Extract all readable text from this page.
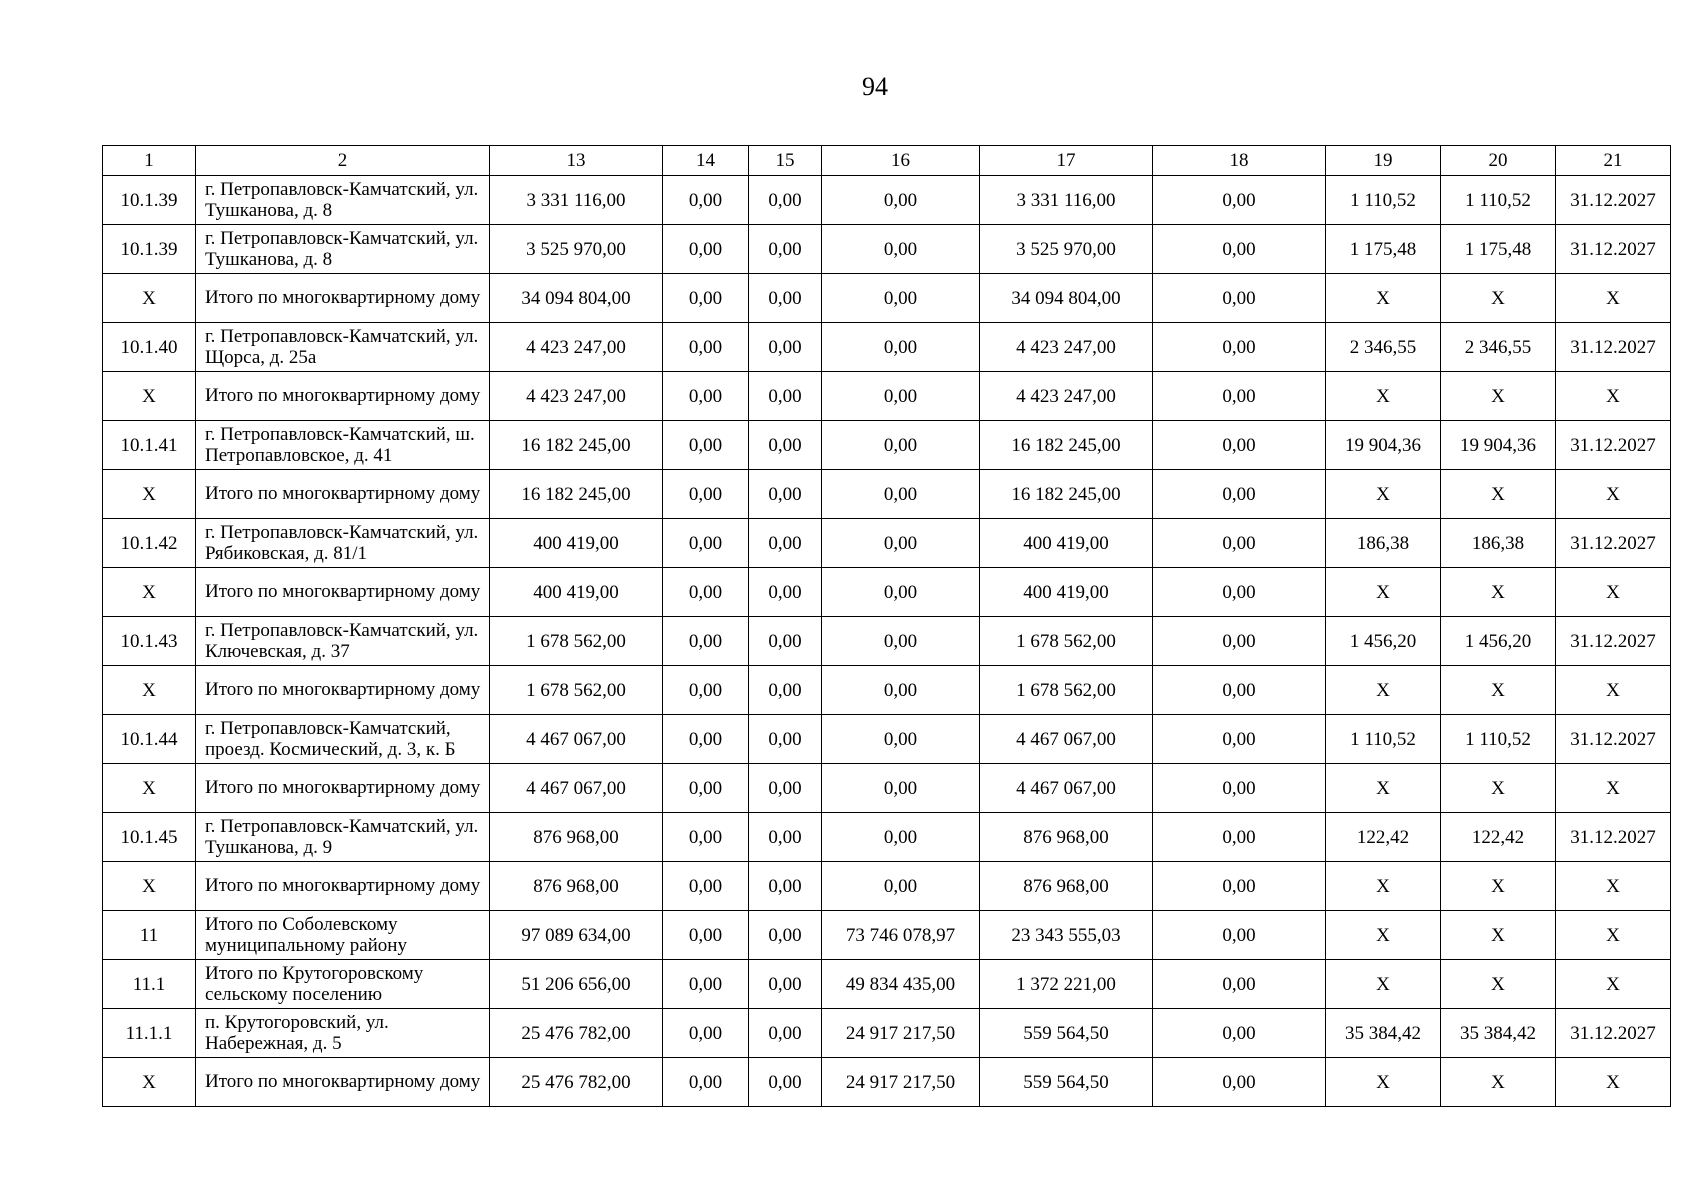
94
1	2	13	14	15	16	17	18	19	20	21
10.1.39	г. Петропавловск-Камчатский, ул. Тушканова, д. 8	3 331 116,00	0,00	0,00	0,00	3 331 116,00	0,00	1 110,52	1 110,52	31.12.2027
10.1.39	г. Петропавловск-Камчатский, ул. Тушканова, д. 8	3 525 970,00	0,00	0,00	0,00	3 525 970,00	0,00	1 175,48	1 175,48	31.12.2027
Х	Итого по многоквартирному дому	34 094 804,00	0,00	0,00	0,00	34 094 804,00	0,00	Х	Х	Х
10.1.40	г. Петропавловск-Камчатский, ул. Щорса, д. 25а	4 423 247,00	0,00	0,00	0,00	4 423 247,00	0,00	2 346,55	2 346,55	31.12.2027
Х	Итого по многоквартирному дому	4 423 247,00	0,00	0,00	0,00	4 423 247,00	0,00	Х	Х	Х
10.1.41	г. Петропавловск-Камчатский, ш. Петропавловское, д. 41	16 182 245,00	0,00	0,00	0,00	16 182 245,00	0,00	19 904,36	19 904,36	31.12.2027
Х	Итого по многоквартирному дому	16 182 245,00	0,00	0,00	0,00	16 182 245,00	0,00	Х	Х	Х
10.1.42	г. Петропавловск-Камчатский, ул. Рябиковская, д. 81/1	400 419,00	0,00	0,00	0,00	400 419,00	0,00	186,38	186,38	31.12.2027
Х	Итого по многоквартирному дому	400 419,00	0,00	0,00	0,00	400 419,00	0,00	Х	Х	Х
10.1.43	г. Петропавловск-Камчатский, ул. Ключевская, д. 37	1 678 562,00	0,00	0,00	0,00	1 678 562,00	0,00	1 456,20	1 456,20	31.12.2027
Х	Итого по многоквартирному дому	1 678 562,00	0,00	0,00	0,00	1 678 562,00	0,00	Х	Х	Х
10.1.44	г. Петропавловск-Камчатский, проезд. Космический, д. 3, к. Б	4 467 067,00	0,00	0,00	0,00	4 467 067,00	0,00	1 110,52	1 110,52	31.12.2027
Х	Итого по многоквартирному дому	4 467 067,00	0,00	0,00	0,00	4 467 067,00	0,00	Х	Х	Х
10.1.45	г. Петропавловск-Камчатский, ул. Тушканова, д. 9	876 968,00	0,00	0,00	0,00	876 968,00	0,00	122,42	122,42	31.12.2027
Х	Итого по многоквартирному дому	876 968,00	0,00	0,00	0,00	876 968,00	0,00	Х	Х	Х
11	Итого по Соболевскому муниципальному району	97 089 634,00	0,00	0,00	73 746 078,97	23 343 555,03	0,00	Х	Х	Х
11.1	Итого по Крутогоровскому сельскому поселению	51 206 656,00	0,00	0,00	49 834 435,00	1 372 221,00	0,00	Х	Х	Х
11.1.1	п. Крутогоровский, ул. Набережная, д. 5	25 476 782,00	0,00	0,00	24 917 217,50	559 564,50	0,00	35 384,42	35 384,42	31.12.2027
Х	Итого по многоквартирному дому	25 476 782,00	0,00	0,00	24 917 217,50	559 564,50	0,00	Х	Х	Х
